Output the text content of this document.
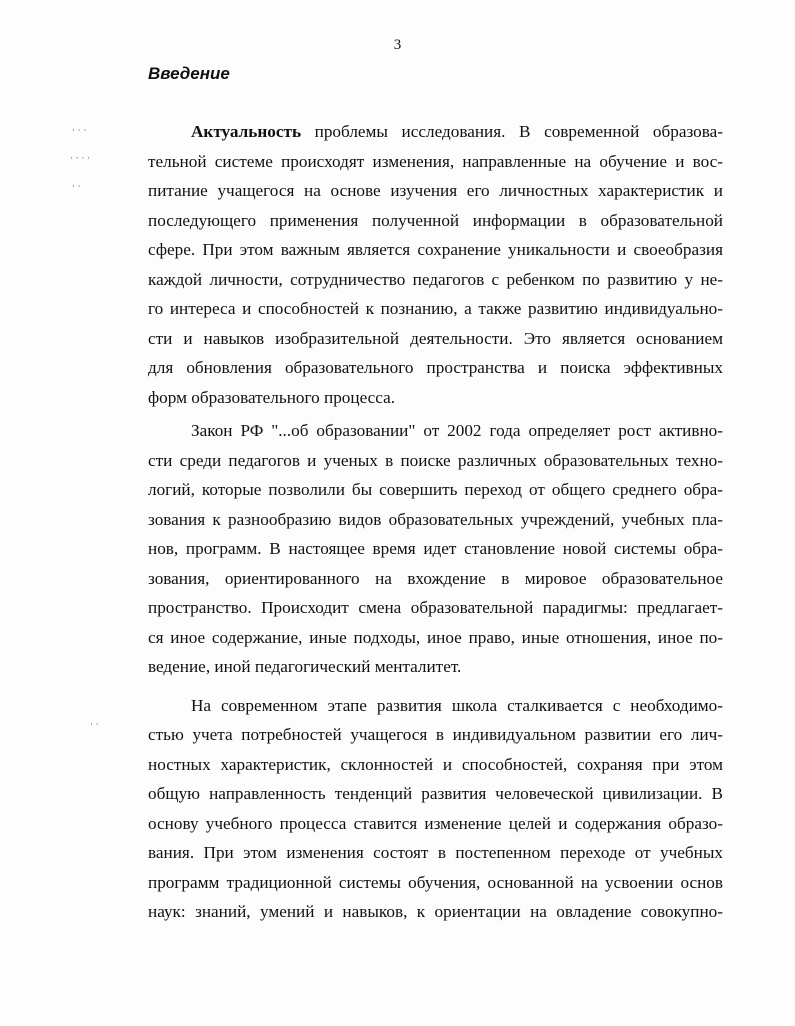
3
Введение
· · ·
· · · ·
· ·
· ·
Актуальность проблемы исследования. В современной образова-
тельной системе происходят изменения, направленные на обучение и вос-
питание учащегося на основе изучения его личностных характеристик и
последующего применения полученной информации в образовательной
сфере. При этом важным является сохранение уникальности и своеобразия
каждой личности, сотрудничество педагогов с ребенком по развитию у не-
го интереса и способностей к познанию, а также развитию индивидуально-
сти и навыков изобразительной деятельности. Это является основанием
для обновления образовательного пространства и поиска эффективных
форм образовательного процесса.
Закон РФ "...об образовании" от 2002 года определяет рост активно-
сти среди педагогов и ученых в поиске различных образовательных техно-
логий, которые позволили бы совершить переход от общего среднего обра-
зования к разнообразию видов образовательных учреждений, учебных пла-
нов, программ. В настоящее время идет становление новой системы обра-
зования, ориентированного на вхождение в мировое образовательное
пространство. Происходит смена образовательной парадигмы: предлагает-
ся иное содержание, иные подходы, иное право, иные отношения, иное по-
ведение, иной педагогический менталитет.
На современном этапе развития школа сталкивается с необходимо-
стью учета потребностей учащегося в индивидуальном развитии его лич-
ностных характеристик, склонностей и способностей, сохраняя при этом
общую направленность тенденций развития человеческой цивилизации. В
основу учебного процесса ставится изменение целей и содержания образо-
вания. При этом изменения состоят в постепенном переходе от учебных
программ традиционной системы обучения, основанной на усвоении основ
наук: знаний, умений и навыков, к ориентации на овладение совокупно-
